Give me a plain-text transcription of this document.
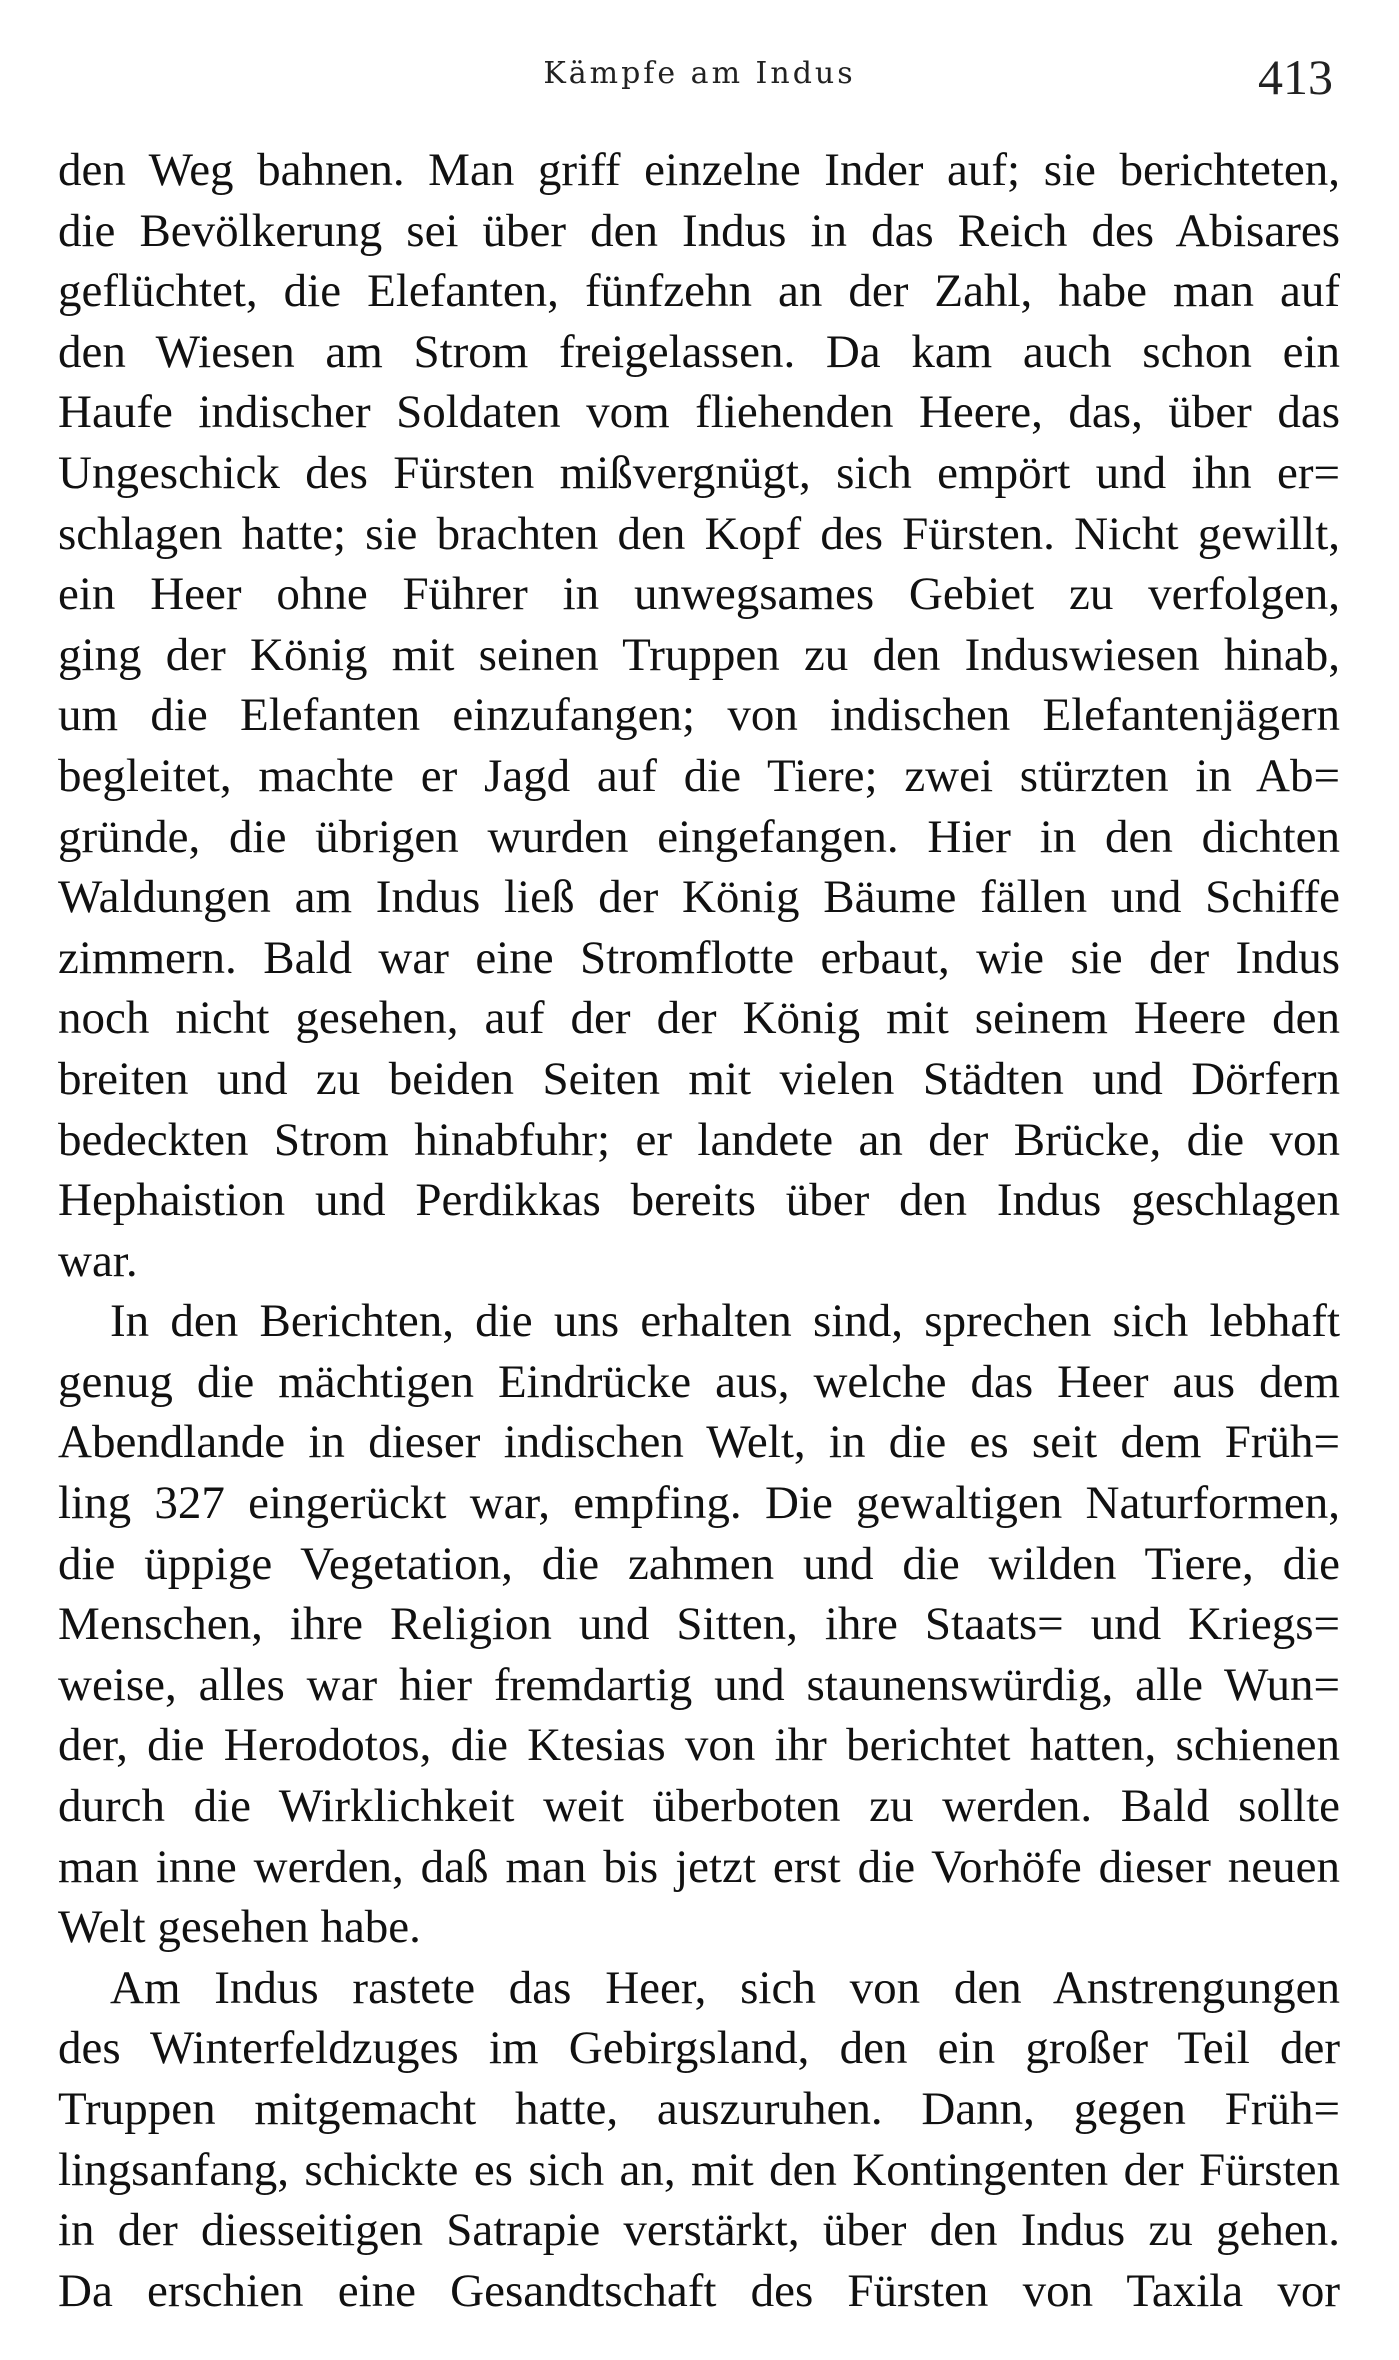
Kämpfe am Indus	413
den Weg bahnen. Man griff einzelne Inder auf; sie berichteten,
die Bevölkerung sei über den Indus in das Reich des Abisares
geflüchtet, die Elefanten, fünfzehn an der Zahl, habe man auf
den Wiesen am Strom freigelassen. Da kam auch schon ein
Haufe indischer Soldaten vom fliehenden Heere, das, über das
Ungeschick des Fürsten mißvergnügt, sich empört und ihn er=
schlagen hatte; sie brachten den Kopf des Fürsten. Nicht gewillt,
ein Heer ohne Führer in unwegsames Gebiet zu verfolgen,
ging der König mit seinen Truppen zu den Induswiesen hinab,
um die Elefanten einzufangen; von indischen Elefantenjägern
begleitet, machte er Jagd auf die Tiere; zwei stürzten in Ab=
gründe, die übrigen wurden eingefangen. Hier in den dichten
Waldungen am Indus ließ der König Bäume fällen und Schiffe
zimmern. Bald war eine Stromflotte erbaut, wie sie der Indus
noch nicht gesehen, auf der der König mit seinem Heere den
breiten und zu beiden Seiten mit vielen Städten und Dörfern
bedeckten Strom hinabfuhr; er landete an der Brücke, die von
Hephaistion und Perdikkas bereits über den Indus geschlagen
war.
In den Berichten, die uns erhalten sind, sprechen sich lebhaft
genug die mächtigen Eindrücke aus, welche das Heer aus dem
Abendlande in dieser indischen Welt, in die es seit dem Früh=
ling 327 eingerückt war, empfing. Die gewaltigen Naturformen,
die üppige Vegetation, die zahmen und die wilden Tiere, die
Menschen, ihre Religion und Sitten, ihre Staats= und Kriegs=
weise, alles war hier fremdartig und staunenswürdig, alle Wun=
der, die Herodotos, die Ktesias von ihr berichtet hatten, schienen
durch die Wirklichkeit weit überboten zu werden. Bald sollte
man inne werden, daß man bis jetzt erst die Vorhöfe dieser neuen
Welt gesehen habe.
Am Indus rastete das Heer, sich von den Anstrengungen
des Winterfeldzuges im Gebirgsland, den ein großer Teil der
Truppen mitgemacht hatte, auszuruhen. Dann, gegen Früh=
lingsanfang, schickte es sich an, mit den Kontingenten der Fürsten
in der diesseitigen Satrapie verstärkt, über den Indus zu gehen.
Da erschien eine Gesandtschaft des Fürsten von Taxila vor
